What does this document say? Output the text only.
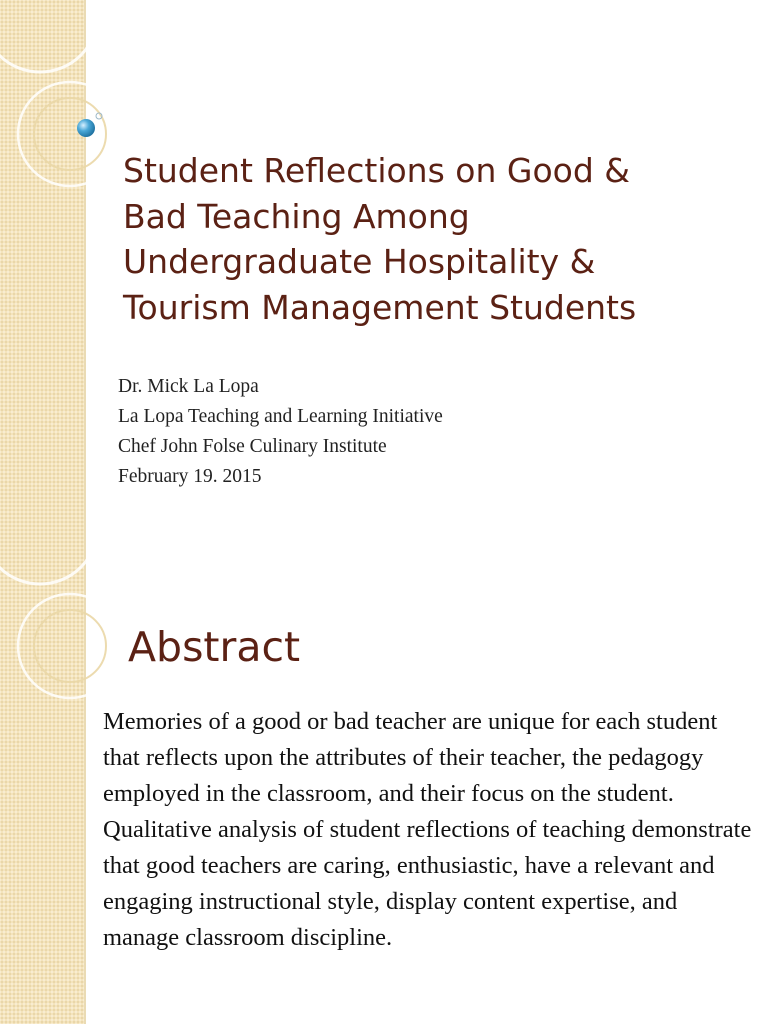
Student Reflections on Good &
Bad Teaching Among
Undergraduate Hospitality &
Tourism Management Students
Dr. Mick La Lopa
La Lopa Teaching and Learning Initiative
Chef John Folse Culinary Institute
February 19. 2015
Abstract

Memories of a good or bad teacher are unique for each student that reflects upon the attributes of their teacher, the pedagogy employed in the classroom, and their focus on the student. Qualitative analysis of student reflections of teaching demonstrate that good teachers are caring, enthusiastic, have a relevant and engaging instructional style, display content expertise, and manage classroom discipline.
